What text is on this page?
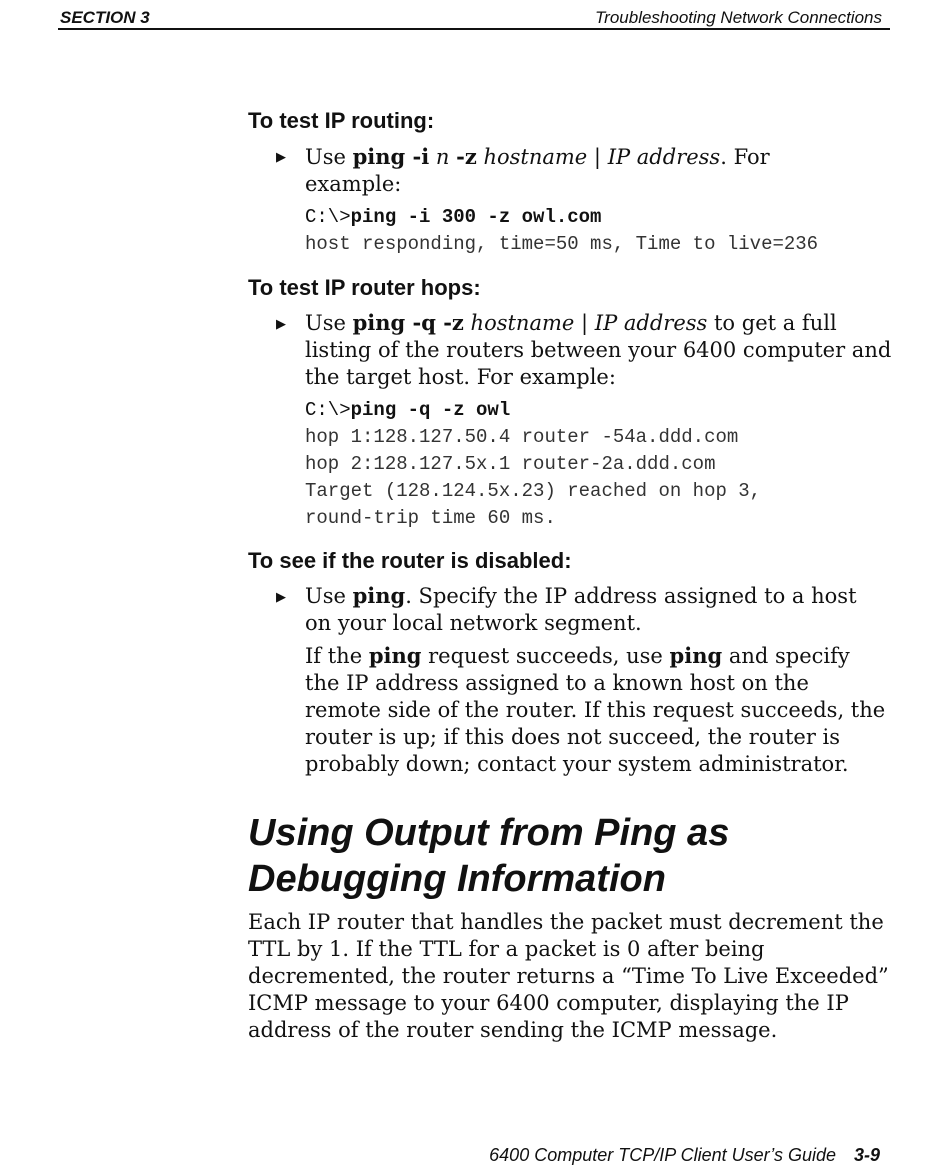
SECTION 3	Troubleshooting Network Connections
To test IP routing:
▶ Use ping -i n -z hostname | IP address. For example:

C:\>ping -i 300 -z owl.com
host responding, time=50 ms, Time to live=236

To test IP router hops:
▶ Use ping -q -z hostname | IP address to get a full listing of the routers between your 6400 computer and the target host. For example:

C:\>ping -q -z owl
hop 1:128.127.50.4 router -54a.ddd.com
hop 2:128.127.5x.1 router-2a.ddd.com
Target (128.124.5x.23) reached on hop 3,
round-trip time 60 ms.

To see if the router is disabled:
▶ Use ping. Specify the IP address assigned to a host on your local network segment.

If the ping request succeeds, use ping and specify the IP address assigned to a known host on the remote side of the router. If this request succeeds, the router is up; if this does not succeed, the router is probably down; contact your system administrator.

Using Output from Ping as Debugging Information

Each IP router that handles the packet must decrement the TTL by 1. If the TTL for a packet is 0 after being decremented, the router returns a “Time To Live Exceeded” ICMP message to your 6400 computer, displaying the IP address of the router sending the ICMP message.

6400 Computer TCP/IP Client User’s Guide 3-9
